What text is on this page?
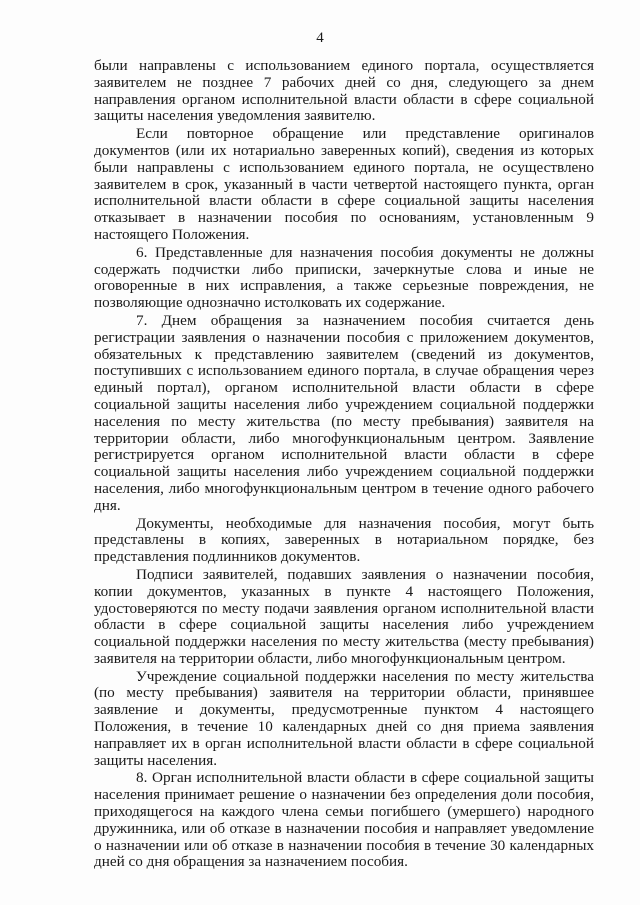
4

были направлены с использованием единого портала, осуществляется заявителем не позднее 7 рабочих дней со дня, следующего за днем направления органом исполнительной власти области в сфере социальной защиты населения уведомления заявителю.

Если повторное обращение или представление оригиналов документов (или их нотариально заверенных копий), сведения из которых были направлены с использованием единого портала, не осуществлено заявителем в срок, указанный в части четвертой настоящего пункта, орган исполнительной власти области в сфере социальной защиты населения отказывает в назначении пособия по основаниям, установленным 9 настоящего Положения.

6. Представленные для назначения пособия документы не должны содержать подчистки либо приписки, зачеркнутые слова и иные не оговоренные в них исправления, а также серьезные повреждения, не позволяющие однозначно истолковать их содержание.

7. Днем обращения за назначением пособия считается день регистрации заявления о назначении пособия с приложением документов, обязательных к представлению заявителем (сведений из документов, поступивших с использованием единого портала, в случае обращения через единый портал), органом исполнительной власти области в сфере социальной защиты населения либо учреждением социальной поддержки населения по месту жительства (по месту пребывания) заявителя на территории области, либо многофункциональным центром. Заявление регистрируется органом исполнительной власти области в сфере социальной защиты населения либо учреждением социальной поддержки населения, либо многофункциональным центром в течение одного рабочего дня.

Документы, необходимые для назначения пособия, могут быть представлены в копиях, заверенных в нотариальном порядке, без представления подлинников документов.

Подписи заявителей, подавших заявления о назначении пособия, копии документов, указанных в пункте 4 настоящего Положения, удостоверяются по месту подачи заявления органом исполнительной власти области в сфере социальной защиты населения либо учреждением социальной поддержки населения по месту жительства (месту пребывания) заявителя на территории области, либо многофункциональным центром.

Учреждение социальной поддержки населения по месту жительства (по месту пребывания) заявителя на территории области, принявшее заявление и документы, предусмотренные пунктом 4 настоящего Положения, в течение 10 календарных дней со дня приема заявления направляет их в орган исполнительной власти области в сфере социальной защиты населения.

8. Орган исполнительной власти области в сфере социальной защиты населения принимает решение о назначении без определения доли пособия, приходящегося на каждого члена семьи погибшего (умершего) народного дружинника, или об отказе в назначении пособия и направляет уведомление о назначении или об отказе в назначении пособия в течение 30 календарных дней со дня обращения за назначением пособия.
